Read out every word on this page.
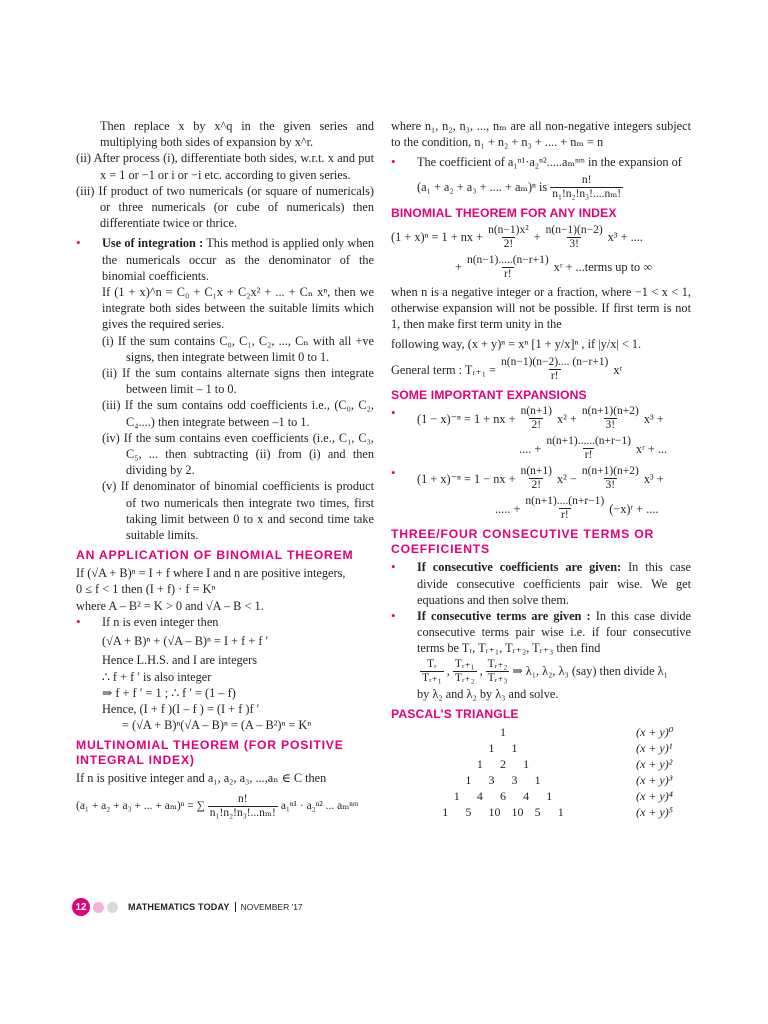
Then replace x by x^q in the given series and multiplying both sides of expansion by x^r.

(ii) After process (i), differentiate both sides, w.r.t. x and put x = 1 or −1 or i or −i etc. according to given series.

(iii) If product of two numericals (or square of numericals) or three numericals (or cube of numericals) then differentiate twice or thrice.

• Use of integration : This method is applied only when the numericals occur as the denominator of the binomial coefficients.

If (1 + x)^n = C₀ + C₁x + C₂x² + ... + Cₙ xⁿ, then we integrate both sides between the suitable limits which gives the required series.

(i) If the sum contains C₀, C₁, C₂, ..., Cₙ with all +ve signs, then integrate between limit 0 to 1.

(ii) If the sum contains alternate signs then integrate between limit – 1 to 0.

(iii) If the sum contains odd coefficients i.e., (C₀, C₂, C₄....) then integrate between –1 to 1.

(iv) If the sum contains even coefficients (i.e., C₁, C₃, C₅, ... then subtracting (ii) from (i) and then dividing by 2.

(v) If denominator of binomial coefficients is product of two numericals then integrate two times, first taking limit between 0 to x and second time take suitable limits.

AN APPLICATION OF BINOMIAL THEOREM

If (√A + B)ⁿ = I + f where I and n are positive integers,

0 ≤ f < 1 then (I + f) · f = Kⁿ

where A – B² = K > 0 and √A – B < 1.

• If n is even integer then

(√A + B)ⁿ + (√A – B)ⁿ = I + f + f ′

Hence L.H.S. and I are integers

∴ f + f ′ is also integer

⇒ f + f ′ = 1 ; ∴ f ′ = (1 – f)

Hence, (I + f )(I – f ) = (I + f )f ′

= (√A + B)ⁿ(√A – B)ⁿ = (A – B²)ⁿ = Kⁿ

MULTINOMIAL THEOREM (FOR POSITIVE INTEGRAL INDEX)

If n is positive integer and a₁, a₂, a₃, ...,aₙ ∈ C then

(a₁ + a₂ + a₃ + ... + aₘ)ⁿ = ∑ $\frac{n!}{\text{n₁!n₂!n₃!...nₘ!}} a_1^{n1} \cdot a_2^{n2}$ ... aₘⁿᵐ

where n₁, n₂, n₃, ..., nₘ are all non-negative integers subject to the condition, n₁ + n₂ + n₃ + .... + nₘ = n

• The coefficient of a₁ⁿ¹·a₂ⁿ².....aₘⁿᵐ in the expansion of
(a₁ + a₂ + a₃ + .... + aₘ)ⁿ is $\frac{n!}{\text{n₁!n₂!n₃!....nₘ!}}$
BINOMIAL THEOREM FOR ANY INDEX
(1 + x)ⁿ = 1 + nx + $\frac{\text{n(n−1)x²}}{2!} + \frac{n(n-1)(n-2)}{3!} x^3$ + ....
+ $\frac{n(n-1).....(n-r+1)}{r!}$ xʳ + ...terms up to ∞

when n is a negative integer or a fraction, where −1 < x < 1, otherwise expansion will not be possible. If first term is not 1, then make first term unity in the

following way, (x + y)ⁿ = xⁿ [1 + y/x]ⁿ , if |y/x| < 1.

General term : Tᵣ₊₁ = $\frac{n(n-1)(n-2).... (n-r+1)}{r!}$ xʳ
SOME IMPORTANT EXPANSIONS
• (1 − x)⁻ⁿ = 1 + nx + $\frac{n(n+1)}{2!} x^2 + \frac{n(n+1)(n+2)}{3!} x^3$ +
.... + $\frac{n(n+1)......(n+r-1)}{r!}$ xʳ + ...
• (1 + x)⁻ⁿ = 1 − nx + $\frac{n(n+1)}{2!} x^2 - \frac{n(n+1)(n+2)}{3!} x^3$ +
..... + $\frac{n(n+1)....(n+r-1)}{r!}$ (−x)ʳ + ....
THREE/FOUR CONSECUTIVE TERMS OR COEFFICIENTS
• If consecutive coefficients are given: In this case divide consecutive coefficients pair wise. We get equations and then solve them.
• If consecutive terms are given : In this case divide consecutive terms pair wise i.e. if four consecutive terms be Tᵣ, Tᵣ₊₁, Tᵣ₊₂, Tᵣ₊₃ then find
$\frac{\text{Tᵣ}}{\text{Tᵣ₊₁}}$ , $\frac{\text{Tᵣ₊₁}}{\text{Tᵣ₊₂}}$ , $\frac{\text{Tᵣ₊₂}}{\text{Tᵣ₊₃}}$ ⇒ λ₁, λ₂, λ₃ (say) then divide λ₁

by λ₂ and λ₂ by λ₃ and solve.

PASCAL'S TRIANGLE
1	(x + y)⁰
1 1	(x + y)¹
1 2 1	(x + y)²
1 3 3 1	(x + y)³
1 4 6 4 1	(x + y)⁴
1 5 10 10 5 1	(x + y)⁵
12	MATHEMATICS TODAY NOVEMBER '17
